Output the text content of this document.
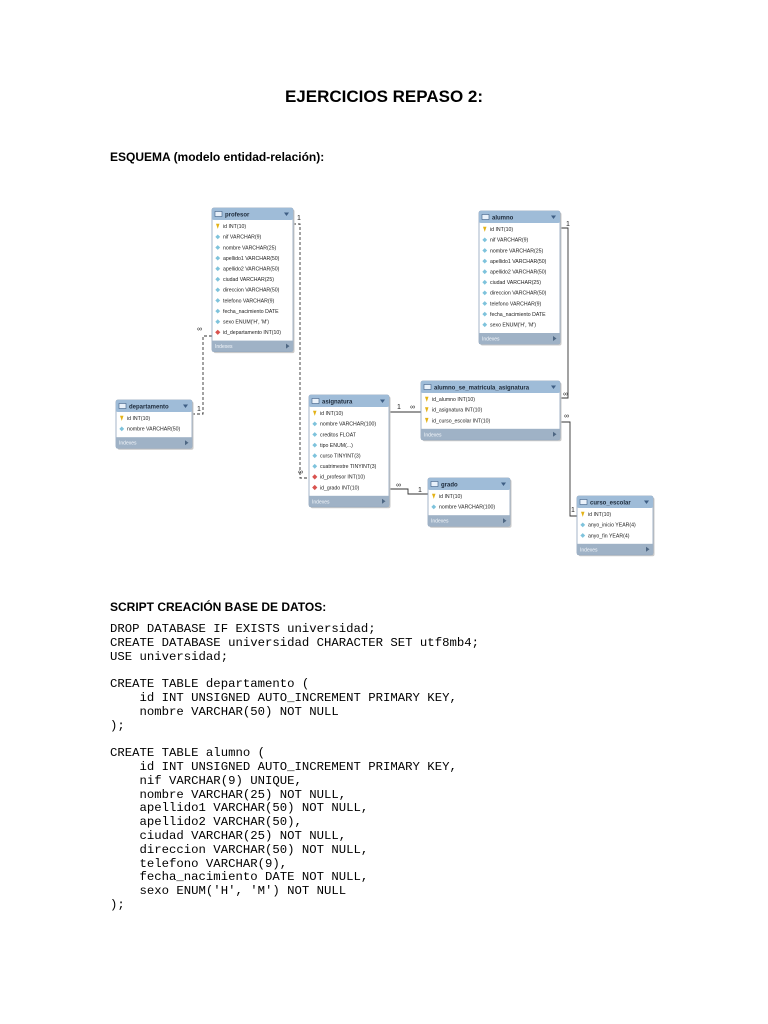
EJERCICIOS REPASO 2:
ESQUEMA (modelo entidad-relación):
1
∞
∞
1	1 ∞
∞
1
1
∞
∞
1
profesor
id INT(10)
nif VARCHAR(9)
nombre VARCHAR(25)
apellido1 VARCHAR(50)
apellido2 VARCHAR(50)
ciudad VARCHAR(25)
direccion VARCHAR(50)
telefono VARCHAR(9)
fecha_nacimiento DATE
sexo ENUM('H', 'M')
id_departamento INT(10)
Indexes
alumno
id INT(10)
nif VARCHAR(9)
nombre VARCHAR(25)
apellido1 VARCHAR(50)
apellido2 VARCHAR(50)
ciudad VARCHAR(25)
direccion VARCHAR(50)
telefono VARCHAR(9)
fecha_nacimiento DATE
sexo ENUM('H', 'M')
Indexes
departamento
id INT(10)
nombre VARCHAR(50)
Indexes
asignatura
id INT(10)
nombre VARCHAR(100)
creditos FLOAT
tipo ENUM(...)
curso TINYINT(3)
cuatrimestre TINYINT(3)
id_profesor INT(10)
id_grado INT(10)
Indexes
alumno_se_matricula_asignatura
id_alumno INT(10)
id_asignatura INT(10)
id_curso_escolar INT(10)
Indexes
grado
id INT(10)
nombre VARCHAR(100)
Indexes
curso_escolar
id INT(10)
anyo_inicio YEAR(4)
anyo_fin YEAR(4)
Indexes
SCRIPT CREACIÓN BASE DE DATOS:
DROP DATABASE IF EXISTS universidad;
CREATE DATABASE universidad CHARACTER SET utf8mb4;
USE universidad;

CREATE TABLE departamento (
id INT UNSIGNED AUTO_INCREMENT PRIMARY KEY,
nombre VARCHAR(50) NOT NULL
);

CREATE TABLE alumno (
id INT UNSIGNED AUTO_INCREMENT PRIMARY KEY,
nif VARCHAR(9) UNIQUE,
nombre VARCHAR(25) NOT NULL,
apellido1 VARCHAR(50) NOT NULL,
apellido2 VARCHAR(50),
ciudad VARCHAR(25) NOT NULL,
direccion VARCHAR(50) NOT NULL,
telefono VARCHAR(9),
fecha_nacimiento DATE NOT NULL,
sexo ENUM('H', 'M') NOT NULL
);
